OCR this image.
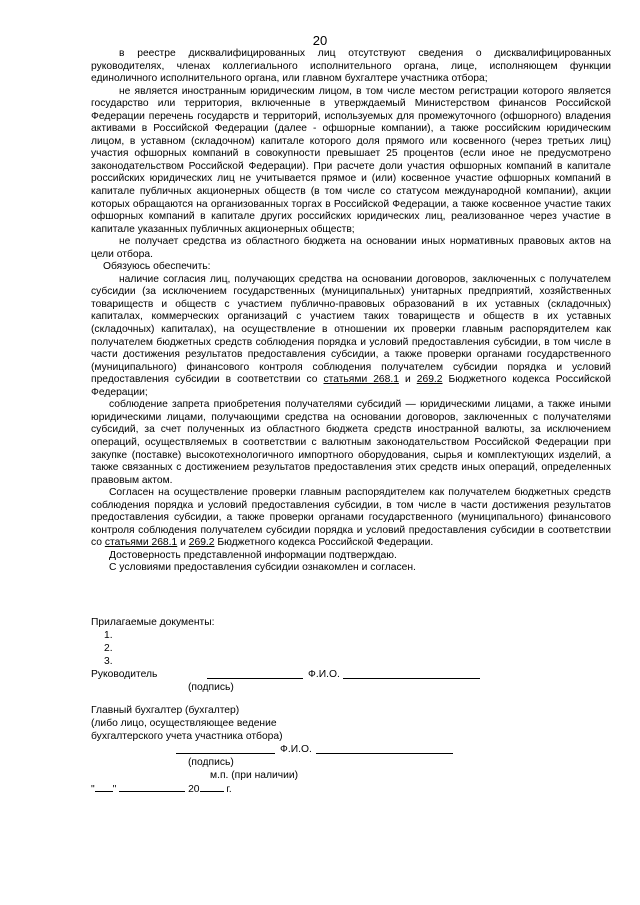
20

в реестре дисквалифицированных лиц отсутствуют сведения о дисквалифицированных руководителях, членах коллегиального исполнительного органа, лице, исполняющем функции единоличного исполнительного органа, или главном бухгалтере участника отбора;

не является иностранным юридическим лицом, в том числе местом регистрации которого является государство или территория, включенные в утверждаемый Министерством финансов Российской Федерации перечень государств и территорий, используемых для промежуточного (офшорного) владения активами в Российской Федерации (далее - офшорные компании), а также российским юридическим лицом, в уставном (складочном) капитале которого доля прямого или косвенного (через третьих лиц) участия офшорных компаний в совокупности превышает 25 процентов (если иное не предусмотрено законодательством Российской Федерации). При расчете доли участия офшорных компаний в капитале российских юридических лиц не учитывается прямое и (или) косвенное участие офшорных компаний в капитале публичных акционерных обществ (в том числе со статусом международной компании), акции которых обращаются на организованных торгах в Российской Федерации, а также косвенное участие таких офшорных компаний в капитале других российских юридических лиц, реализованное через участие в капитале указанных публичных акционерных обществ;

не получает средства из областного бюджета на основании иных нормативных правовых актов на цели отбора.

Обязуюсь обеспечить:

наличие согласия лиц, получающих средства на основании договоров, заключенных с получателем субсидии (за исключением государственных (муниципальных) унитарных предприятий, хозяйственных товариществ и обществ с участием публично-правовых образований в их уставных (складочных) капиталах, коммерческих организаций с участием таких товариществ и обществ в их уставных (складочных) капиталах), на осуществление в отношении их проверки главным распорядителем как получателем бюджетных средств соблюдения порядка и условий предоставления субсидии, в том числе в части достижения результатов предоставления субсидии, а также проверки органами государственного (муниципального) финансового контроля соблюдения получателем субсидии порядка и условий предоставления субсидии в соответствии со статьями 268.1 и 269.2 Бюджетного кодекса Российской Федерации;

соблюдение запрета приобретения получателями субсидий — юридическими лицами, а также иными юридическими лицами, получающими средства на основании договоров, заключенных с получателями субсидий, за счет полученных из областного бюджета средств иностранной валюты, за исключением операций, осуществляемых в соответствии с валютным законодательством Российской Федерации при закупке (поставке) высокотехнологичного импортного оборудования, сырья и комплектующих изделий, а также связанных с достижением результатов предоставления этих средств иных операций, определенных правовым актом.

Согласен на осуществление проверки главным распорядителем как получателем бюджетных средств соблюдения порядка и условий предоставления субсидии, в том числе в части достижения результатов предоставления субсидии, а также проверки органами государственного (муниципального) финансового контроля соблюдения получателем субсидии порядка и условий предоставления субсидии в соответствии со статьями 268.1 и 269.2 Бюджетного кодекса Российской Федерации.

Достоверность представленной информации подтверждаю.

С условиями предоставления субсидии ознакомлен и согласен.

Прилагаемые документы:
1.
2.
3.
Руководитель	Ф.И.О.
(подпись)
Главный бухгалтер (бухгалтер)
(либо лицо, осуществляющее ведение
бухгалтерского учета участника отбора)
Ф.И.О.
(подпись)
м.п. (при наличии)
" "	20	г.
